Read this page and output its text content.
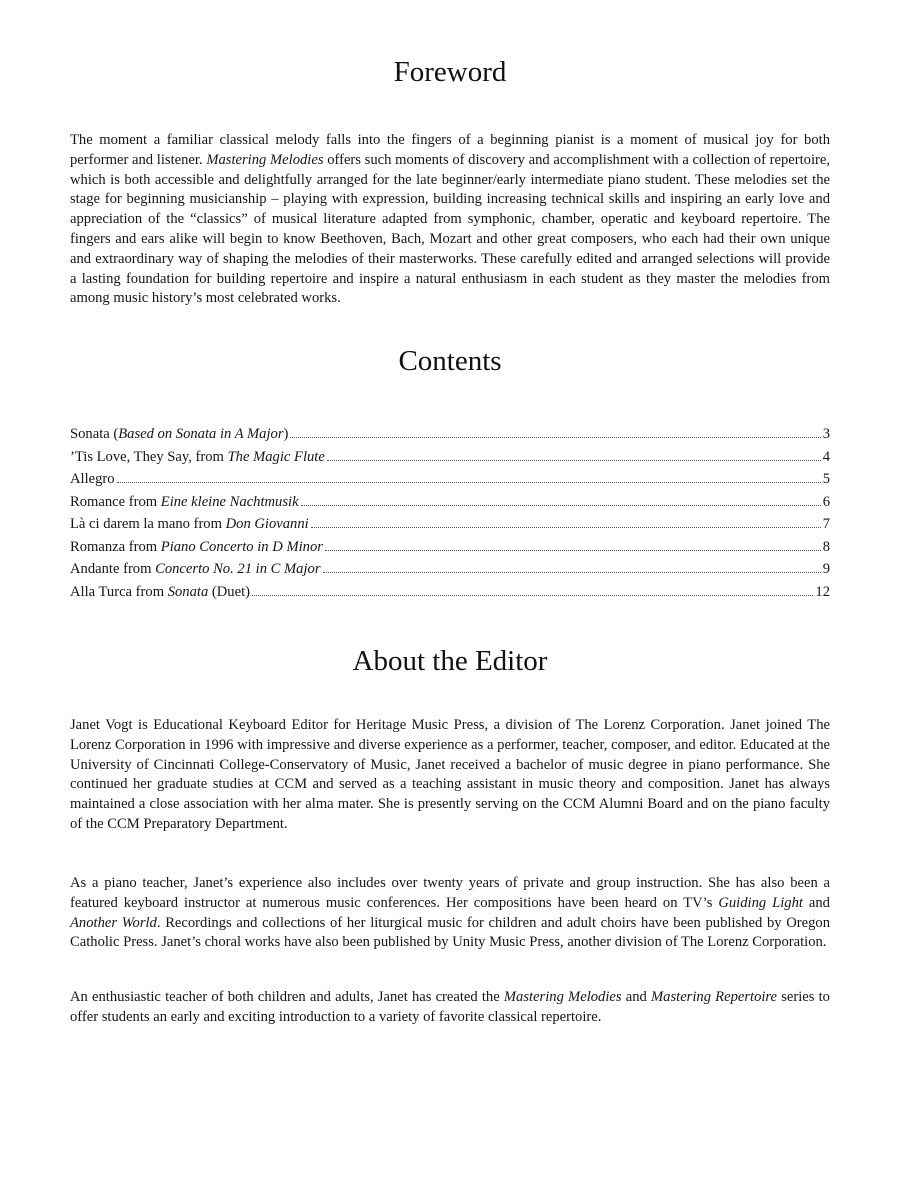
Foreword

The moment a familiar classical melody falls into the fingers of a beginning pianist is a moment of musical joy for both performer and listener. Mastering Melodies offers such moments of discovery and accomplishment with a collection of repertoire, which is both accessible and delightfully arranged for the late beginner/early intermediate piano student. These melodies set the stage for beginning musicianship – playing with expression, building increasing technical skills and inspiring an early love and appreciation of the “classics” of musical literature adapted from symphonic, chamber, operatic and keyboard repertoire. The fingers and ears alike will begin to know Beethoven, Bach, Mozart and other great composers, who each had their own unique and extraordinary way of shaping the melodies of their masterworks. These carefully edited and arranged selections will provide a lasting foundation for building repertoire and inspire a natural enthusiasm in each student as they master the melodies from among music history’s most celebrated works.

Contents
Sonata (Based on Sonata in A Major)	3
’Tis Love, They Say, from The Magic Flute	4
Allegro	5
Romance from Eine kleine Nachtmusik	6
Là ci darem la mano from Don Giovanni	7
Romanza from Piano Concerto in D Minor	8
Andante from Concerto No. 21 in C Major	9
Alla Turca from Sonata (Duet)	12
About the Editor

Janet Vogt is Educational Keyboard Editor for Heritage Music Press, a division of The Lorenz Corporation. Janet joined The Lorenz Corporation in 1996 with impressive and diverse experience as a performer, teacher, composer, and editor. Educated at the University of Cincinnati College-Conservatory of Music, Janet received a bachelor of music degree in piano performance. She continued her graduate studies at CCM and served as a teaching assistant in music theory and composition. Janet has always maintained a close association with her alma mater. She is presently serving on the CCM Alumni Board and on the piano faculty of the CCM Preparatory Department.

As a piano teacher, Janet’s experience also includes over twenty years of private and group instruction. She has also been a featured keyboard instructor at numerous music conferences. Her compositions have been heard on TV’s Guiding Light and Another World. Recordings and collections of her liturgical music for children and adult choirs have been published by Oregon Catholic Press. Janet’s choral works have also been published by Unity Music Press, another division of The Lorenz Corporation.

An enthusiastic teacher of both children and adults, Janet has created the Mastering Melodies and Mastering Repertoire series to offer students an early and exciting introduction to a variety of favorite classical repertoire.
